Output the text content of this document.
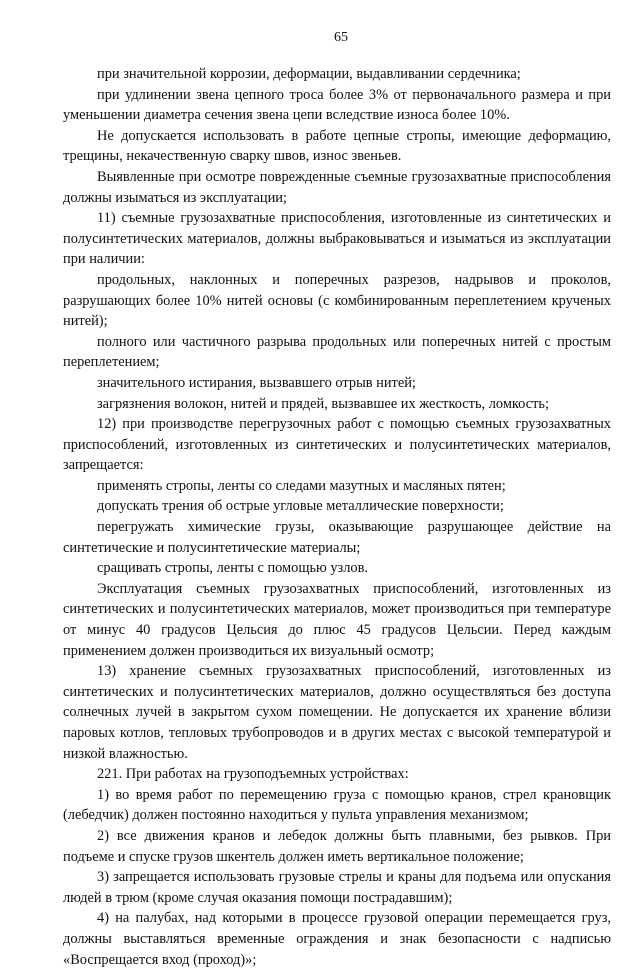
65

при значительной коррозии, деформации, выдавливании сердечника;

при удлинении звена цепного троса более 3% от первоначального размера и при уменьшении диаметра сечения звена цепи вследствие износа более 10%.

Не допускается использовать в работе цепные стропы, имеющие деформацию, трещины, некачественную сварку швов, износ звеньев.

Выявленные при осмотре поврежденные съемные грузозахватные приспособления должны изыматься из эксплуатации;

11) съемные грузозахватные приспособления, изготовленные из синтетических и полусинтетических материалов, должны выбраковываться и изыматься из эксплуатации при наличии:

продольных, наклонных и поперечных разрезов, надрывов и проколов, разрушающих более 10% нитей основы (с комбинированным переплетением крученых нитей);

полного или частичного разрыва продольных или поперечных нитей с простым переплетением;

значительного истирания, вызвавшего отрыв нитей;

загрязнения волокон, нитей и прядей, вызвавшее их жесткость, ломкость;

12) при производстве перегрузочных работ с помощью съемных грузозахватных приспособлений, изготовленных из синтетических и полусинтетических материалов, запрещается:

применять стропы, ленты со следами мазутных и масляных пятен;

допускать трения об острые угловые металлические поверхности;

перегружать химические грузы, оказывающие разрушающее действие на синтетические и полусинтетические материалы;

сращивать стропы, ленты с помощью узлов.

Эксплуатация съемных грузозахватных приспособлений, изготовленных из синтетических и полусинтетических материалов, может производиться при температуре от минус 40 градусов Цельсия до плюс 45 градусов Цельсии. Перед каждым применением должен производиться их визуальный осмотр;

13) хранение съемных грузозахватных приспособлений, изготовленных из синтетических и полусинтетических материалов, должно осуществляться без доступа солнечных лучей в закрытом сухом помещении. Не допускается их хранение вблизи паровых котлов, тепловых трубопроводов и в других местах с высокой температурой и низкой влажностью.

221. При работах на грузоподъемных устройствах:

1) во время работ по перемещению груза с помощью кранов, стрел крановщик (лебедчик) должен постоянно находиться у пульта управления механизмом;

2) все движения кранов и лебедок должны быть плавными, без рывков. При подъеме и спуске грузов шкентель должен иметь вертикальное положение;

3) запрещается использовать грузовые стрелы и краны для подъема или опускания людей в трюм (кроме случая оказания помощи пострадавшим);

4) на палубах, над которыми в процессе грузовой операции перемещается груз, должны выставляться временные ограждения и знак безопасности с надписью «Воспрещается вход (проход)»;
